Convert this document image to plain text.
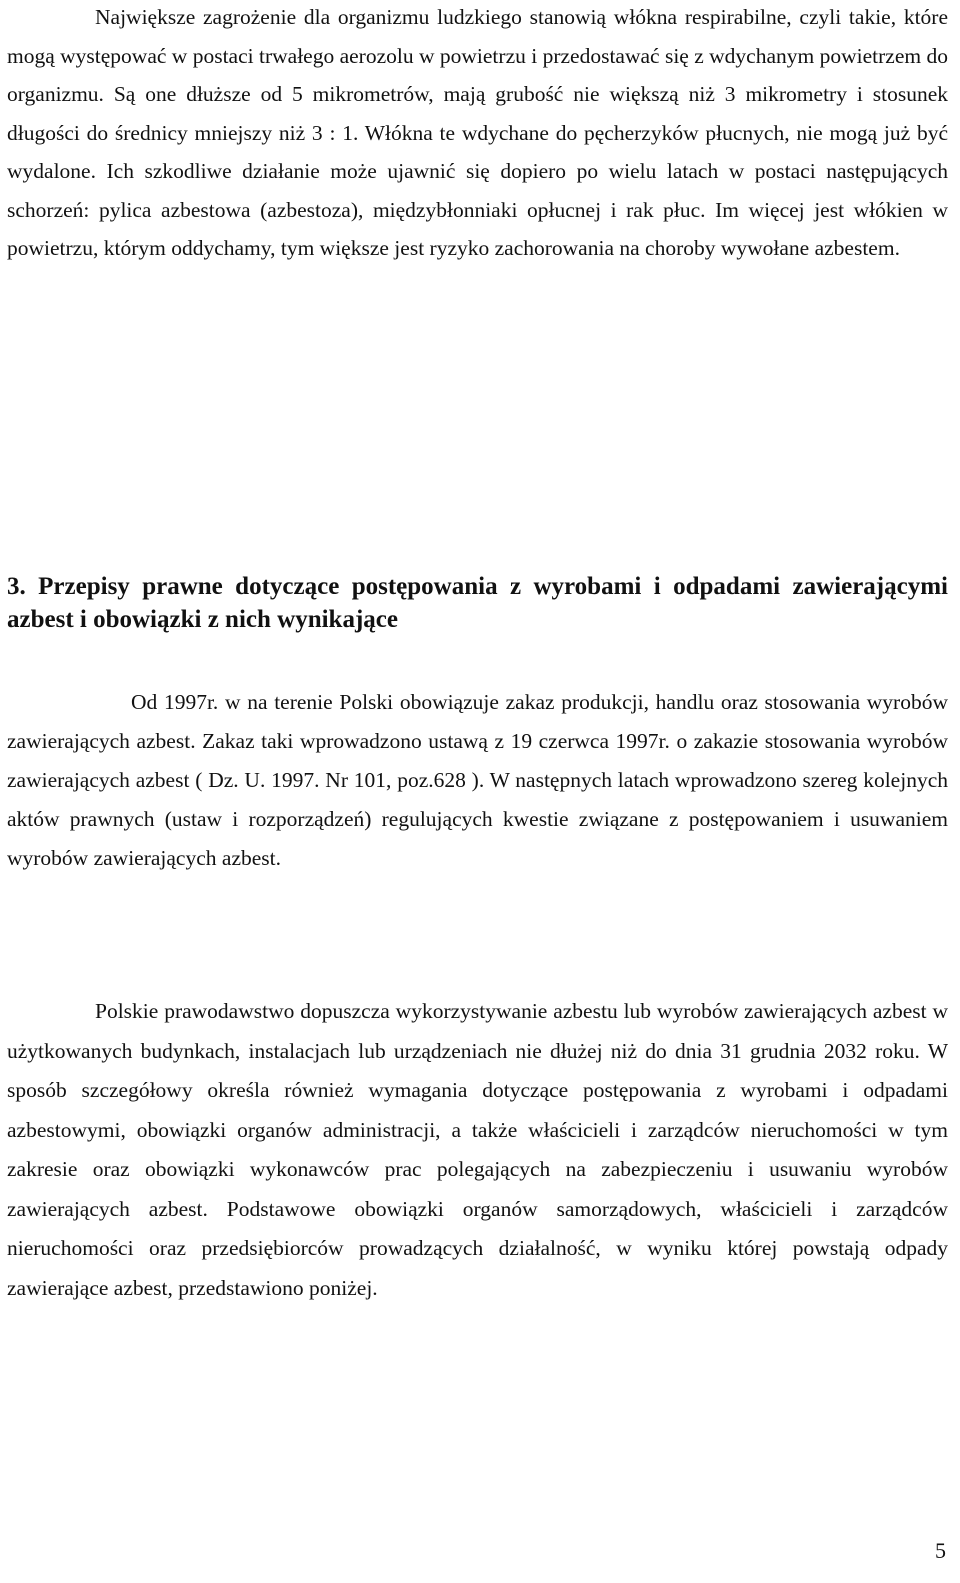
Największe zagrożenie dla organizmu ludzkiego stanowią włókna respirabilne, czyli takie, które mogą występować w postaci trwałego aerozolu w powietrzu i przedostawać się z wdychanym powietrzem do organizmu. Są one dłuższe od 5 mikrometrów, mają grubość nie większą niż 3 mikrometry i stosunek długości do średnicy mniejszy niż 3 : 1. Włókna te wdychane do pęcherzyków płucnych, nie mogą już być wydalone. Ich szkodliwe działanie może ujawnić się dopiero po wielu latach w postaci następujących schorzeń: pylica azbestowa (azbestoza), międzybłonniaki opłucnej i rak płuc. Im więcej jest włókien w powietrzu, którym oddychamy, tym większe jest ryzyko zachorowania na choroby wywołane azbestem.

3. Przepisy prawne dotyczące postępowania z wyrobami i odpadami zawierającymi azbest i obowiązki z nich wynikające

Od 1997r. w na terenie Polski obowiązuje zakaz produkcji, handlu oraz stosowania wyrobów zawierających azbest. Zakaz taki wprowadzono ustawą z 19 czerwca 1997r. o zakazie stosowania wyrobów zawierających azbest ( Dz. U. 1997. Nr 101, poz.628 ). W następnych latach wprowadzono szereg kolejnych aktów prawnych (ustaw i rozporządzeń) regulujących kwestie związane z postępowaniem i usuwaniem wyrobów zawierających azbest.

Polskie prawodawstwo dopuszcza wykorzystywanie azbestu lub wyrobów zawierających azbest w użytkowanych budynkach, instalacjach lub urządzeniach nie dłużej niż do dnia 31 grudnia 2032 roku. W sposób szczegółowy określa również wymagania dotyczące postępowania z wyrobami i odpadami azbestowymi, obowiązki organów administracji, a także właścicieli i zarządców nieruchomości w tym zakresie oraz obowiązki wykonawców prac polegających na zabezpieczeniu i usuwaniu wyrobów zawierających azbest. Podstawowe obowiązki organów samorządowych, właścicieli i zarządców nieruchomości oraz przedsiębiorców prowadzących działalność, w wyniku której powstają odpady zawierające azbest, przedstawiono poniżej.

5
